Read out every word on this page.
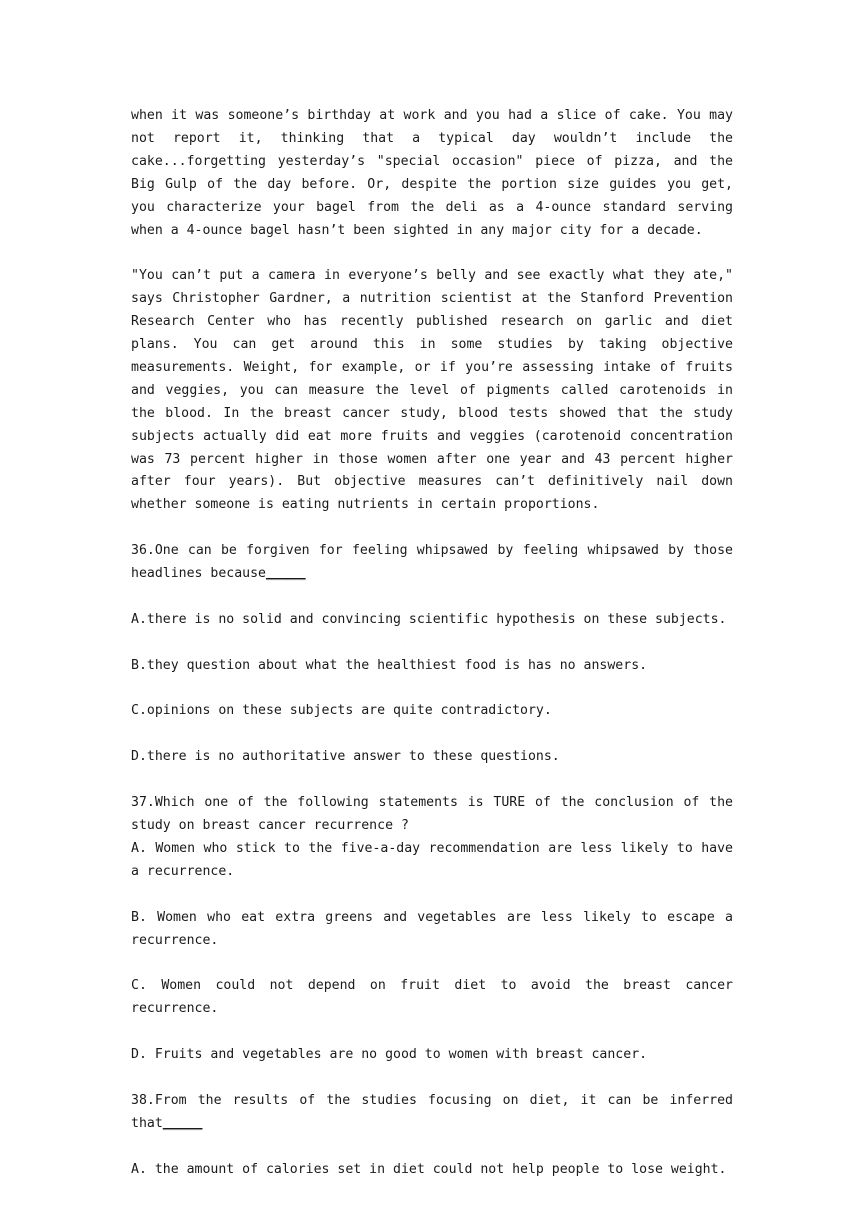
when it was someone’s birthday at work and you had a slice of cake. You may not report it, thinking that a typical day wouldn’t include the cake...forgetting yesterday’s "special occasion" piece of pizza, and the Big Gulp of the day before. Or, despite the portion size guides you get, you characterize your bagel from the deli as a 4-ounce standard serving when a 4-ounce bagel hasn’t been sighted in any major city for a decade.

"You can’t put a camera in everyone’s belly and see exactly what they ate," says Christopher Gardner, a nutrition scientist at the Stanford Prevention Research Center who has recently published research on garlic and diet plans. You can get around this in some studies by taking objective measurements. Weight, for example, or if you’re assessing intake of fruits and veggies, you can measure the level of pigments called carotenoids in the blood. In the breast cancer study, blood tests showed that the study subjects actually did eat more fruits and veggies (carotenoid concentration was 73 percent higher in those women after one year and 43 percent higher after four years). But objective measures can’t definitively nail down whether someone is eating nutrients in certain proportions.

36.One can be forgiven for feeling whipsawed by feeling whipsawed by those headlines because_____

A.there is no solid and convincing scientific hypothesis on these subjects.

B.they question about what the healthiest food is has no answers.

C.opinions on these subjects are quite contradictory.

D.there is no authoritative answer to these questions.

37.Which one of the following statements is TURE of the conclusion of the study on breast cancer recurrence ?

A. Women who stick to the five-a-day recommendation are less likely to have a recurrence.

B. Women who eat extra greens and vegetables are less likely to escape a recurrence.

C. Women could not depend on fruit diet to avoid the breast cancer recurrence.

D. Fruits and vegetables are no good to women with breast cancer.

38.From the results of the studies focusing on diet, it can be inferred that_____

A. the amount of calories set in diet could not help people to lose weight.
